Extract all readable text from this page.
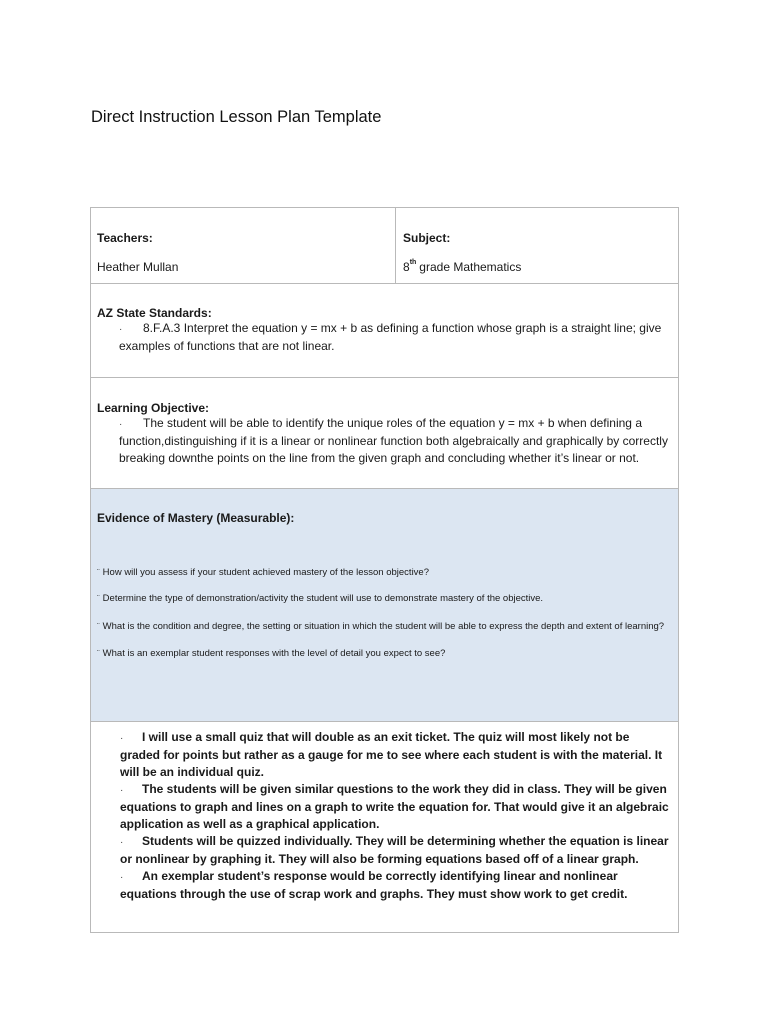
Direct Instruction Lesson Plan Template
Teachers:
Heather Mullan
Subject:
8th grade Mathematics
AZ State Standards:
· 8.F.A.3 Interpret the equation y = mx + b as defining a function whose graph is a straight line; give examples of functions that are not linear.
Learning Objective:
· The student will be able to identify the unique roles of the equation y = mx + b when defining a function,distinguishing if it is a linear or nonlinear function both algebraically and graphically by correctly breaking downthe points on the line from the given graph and concluding whether it’s linear or not.
Evidence of Mastery (Measurable):

¨ How will you assess if your student achieved mastery of the lesson objective?

¨ Determine the type of demonstration/activity the student will use to demonstrate mastery of the objective.

¨ What is the condition and degree, the setting or situation in which the student will be able to express the depth and extent of learning?

¨ What is an exemplar student responses with the level of detail you expect to see?

· I will use a small quiz that will double as an exit ticket. The quiz will most likely not be graded for points but rather as a gauge for me to see where each student is with the material. It will be an individual quiz.

· The students will be given similar questions to the work they did in class. They will be given equations to graph and lines on a graph to write the equation for. That would give it an algebraic application as well as a graphical application.

· Students will be quizzed individually. They will be determining whether the equation is linear or nonlinear by graphing it. They will also be forming equations based off of a linear graph.

· An exemplar student’s response would be correctly identifying linear and nonlinear equations through the use of scrap work and graphs. They must show work to get credit.
